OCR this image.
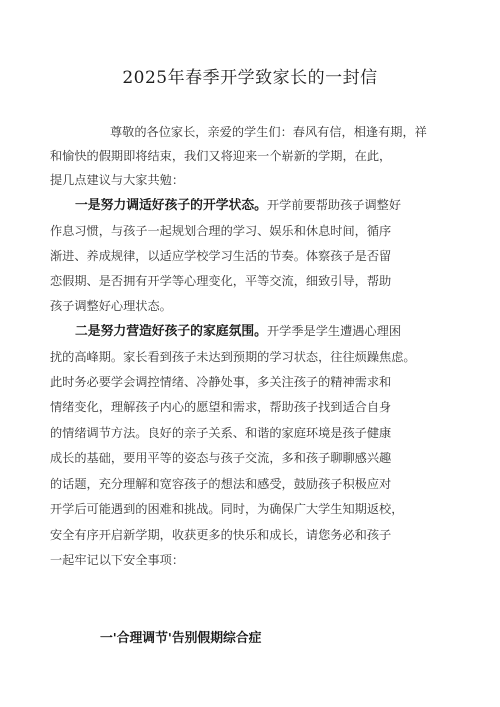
2025年春季开学致家长的一封信
尊敬的各位家长，亲爱的学生们：春风有信，相逢有期，祥
和愉快的假期即将结束，我们又将迎来一个崭新的学期，在此，
提几点建议与大家共勉：
一是努力调适好孩子的开学状态。开学前要帮助孩子调整好
作息习惯，与孩子一起规划合理的学习、娱乐和休息时间，循序
渐进、养成规律，以适应学校学习生活的节奏。体察孩子是否留
恋假期、是否拥有开学等心理变化，平等交流，细致引导，帮助
孩子调整好心理状态。
二是努力营造好孩子的家庭氛围。开学季是学生遭遇心理困
扰的高峰期。家长看到孩子未达到预期的学习状态，往往烦躁焦虑。
此时务必要学会调控情绪、冷静处事，多关注孩子的精神需求和
情绪变化，理解孩子内心的愿望和需求，帮助孩子找到适合自身
的情绪调节方法。良好的亲子关系、和谐的家庭环境是孩子健康
成长的基础，要用平等的姿态与孩子交流，多和孩子聊聊感兴趣
的话题，充分理解和宽容孩子的想法和感受，鼓励孩子积极应对
开学后可能遇到的困难和挑战。同时，为确保广大学生知期返校，
安全有序开启新学期，收获更多的快乐和成长，请您务必和孩子
一起牢记以下安全事项：
一'合理调节'告别假期综合症
